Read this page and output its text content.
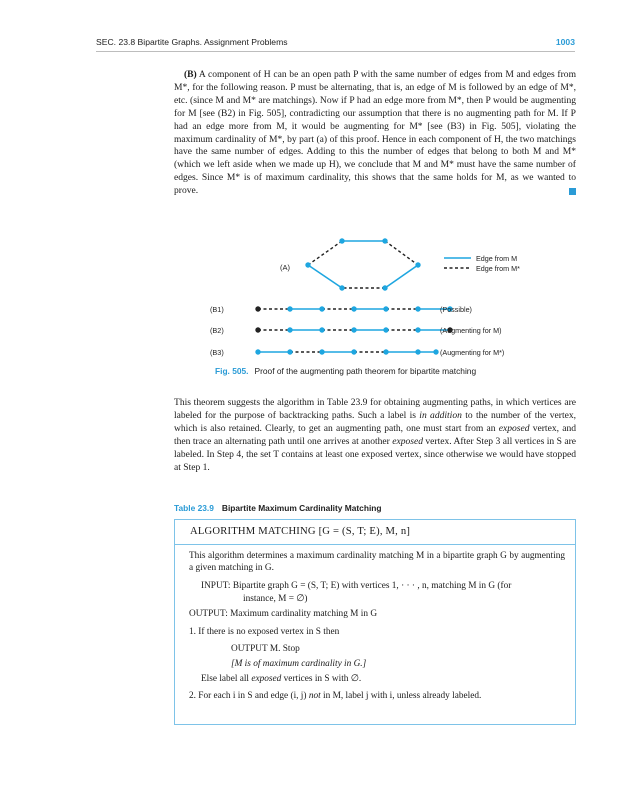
SEC. 23.8 Bipartite Graphs. Assignment Problems	1003

(B) A component of H can be an open path P with the same number of edges from M and edges from M*, for the following reason. P must be alternating, that is, an edge of M is followed by an edge of M*, etc. (since M and M* are matchings). Now if P had an edge more from M*, then P would be augmenting for M [see (B2) in Fig. 505], contradicting our assumption that there is no augmenting path for M. If P had an edge more from M, it would be augmenting for M* [see (B3) in Fig. 505], violating the maximum cardinality of M*, by part (a) of this proof. Hence in each component of H, the two matchings have the same number of edges. Adding to this the number of edges that belong to both M and M* (which we left aside when we made up H), we conclude that M and M* must have the same number of edges. Since M* is of maximum cardinality, this shows that the same holds for M, as we wanted to prove.

(A)
Edge from M
Edge from M*
(B1)	(Possible)
(B2)	(Augmenting for M)
(B3)	(Augmenting for M*)
Fig. 505. Proof of the augmenting path theorem for bipartite matching

This theorem suggests the algorithm in Table 23.9 for obtaining augmenting paths, in which vertices are labeled for the purpose of backtracking paths. Such a label is in addition to the number of the vertex, which is also retained. Clearly, to get an augmenting path, one must start from an exposed vertex, and then trace an alternating path until one arrives at another exposed vertex. After Step 3 all vertices in S are labeled. In Step 4, the set T contains at least one exposed vertex, since otherwise we would have stopped at Step 1.

Table 23.9 Bipartite Maximum Cardinality Matching
ALGORITHM MATCHING [G = (S, T; E), M, n]

This algorithm determines a maximum cardinality matching M in a bipartite graph G by augmenting a given matching in G.

INPUT: Bipartite graph G = (S, T; E) with vertices 1, · · · , n, matching M in G (for

instance, M = ∅)

OUTPUT: Maximum cardinality matching M in G

1. If there is no exposed vertex in S then

OUTPUT M. Stop

[M is of maximum cardinality in G.]

Else label all exposed vertices in S with ∅.

2. For each i in S and edge (i, j) not in M, label j with i, unless already labeled.
